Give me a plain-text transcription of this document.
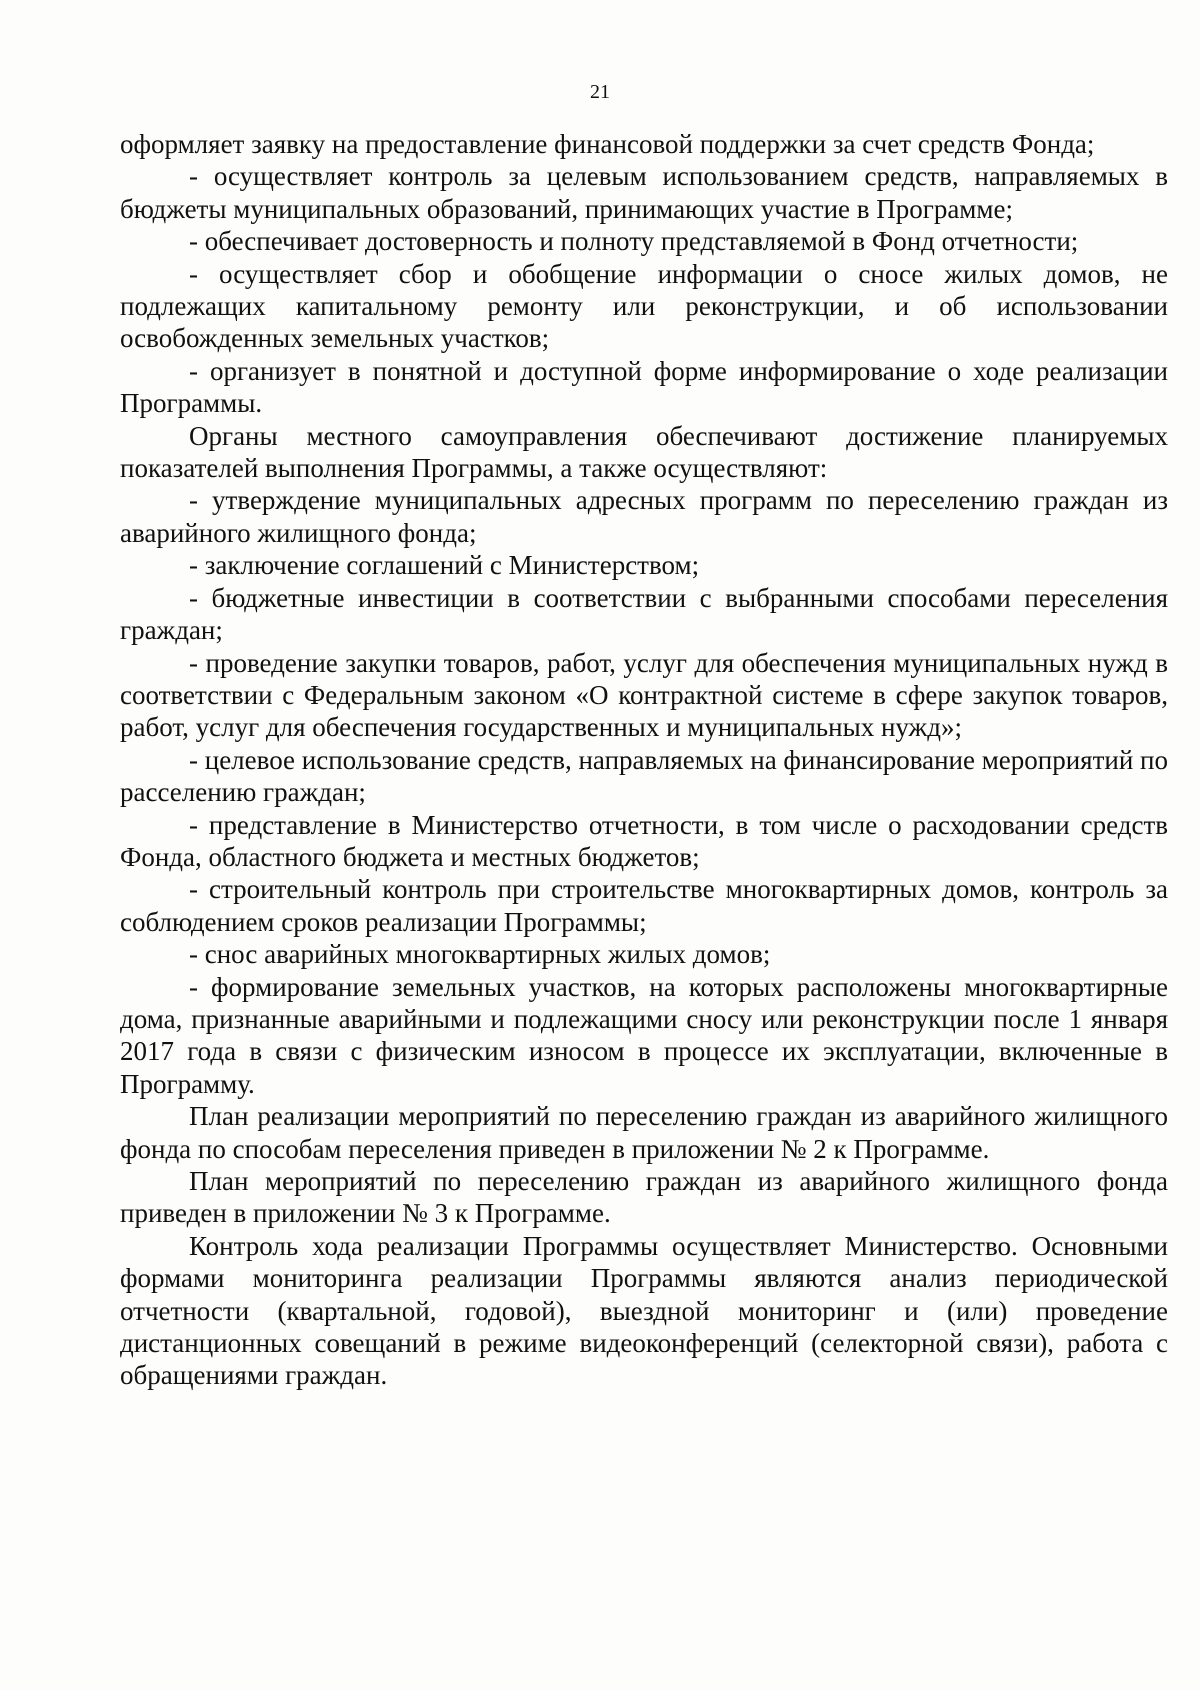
21

оформляет заявку на предоставление финансовой поддержки за счет средств Фонда;

- осуществляет контроль за целевым использованием средств, направляемых в бюджеты муниципальных образований, принимающих участие в Программе;

- обеспечивает достоверность и полноту представляемой в Фонд отчетности;

- осуществляет сбор и обобщение информации о сносе жилых домов, не подлежащих капитальному ремонту или реконструкции, и об использовании освобожденных земельных участков;

- организует в понятной и доступной форме информирование о ходе реализации Программы.

Органы местного самоуправления обеспечивают достижение планируемых показателей выполнения Программы, а также осуществляют:

- утверждение муниципальных адресных программ по переселению граждан из аварийного жилищного фонда;

- заключение соглашений с Министерством;

- бюджетные инвестиции в соответствии с выбранными способами переселения граждан;

- проведение закупки товаров, работ, услуг для обеспечения муниципальных нужд в соответствии с Федеральным законом «О контрактной системе в сфере закупок товаров, работ, услуг для обеспечения государственных и муниципальных нужд»;

- целевое использование средств, направляемых на финансирование мероприятий по расселению граждан;

- представление в Министерство отчетности, в том числе о расходовании средств Фонда, областного бюджета и местных бюджетов;

- строительный контроль при строительстве многоквартирных домов, контроль за соблюдением сроков реализации Программы;

- снос аварийных многоквартирных жилых домов;

- формирование земельных участков, на которых расположены многоквартирные дома, признанные аварийными и подлежащими сносу или реконструкции после 1 января 2017 года в связи с физическим износом в процессе их эксплуатации, включенные в Программу.

План реализации мероприятий по переселению граждан из аварийного жилищного фонда по способам переселения приведен в приложении № 2 к Программе.

План мероприятий по переселению граждан из аварийного жилищного фонда приведен в приложении № 3 к Программе.

Контроль хода реализации Программы осуществляет Министерство. Основными формами мониторинга реализации Программы являются анализ периодической отчетности (квартальной, годовой), выездной мониторинг и (или) проведение дистанционных совещаний в режиме видеоконференций (селекторной связи), работа с обращениями граждан.
